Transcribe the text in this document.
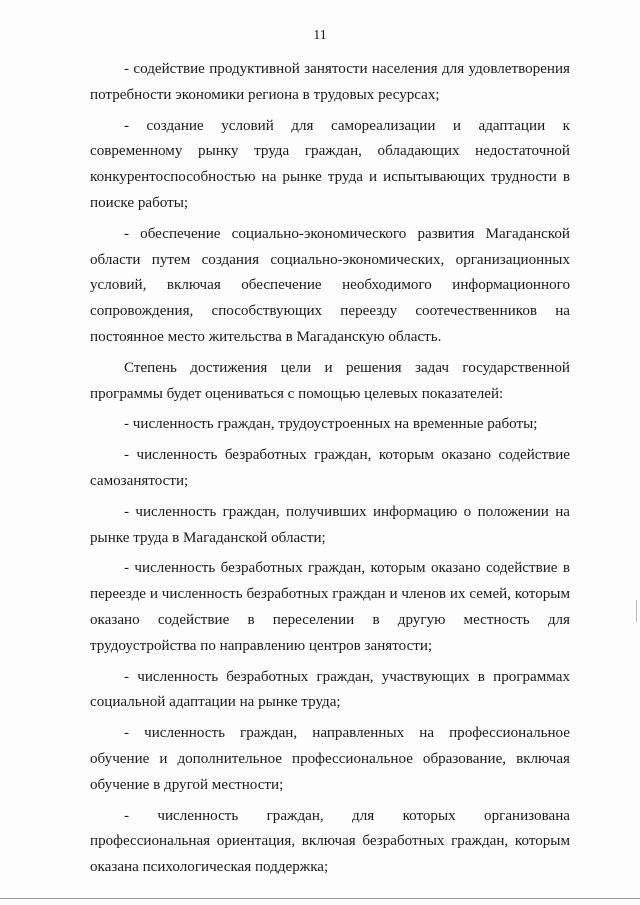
11

- содействие продуктивной занятости населения для удовлетворения потребности экономики региона в трудовых ресурсах;

- создание условий для самореализации и адаптации к современному рынку труда граждан, обладающих недостаточной конкурентоспособностью на рынке труда и испытывающих трудности в поиске работы;

- обеспечение социально-экономического развития Магаданской области путем создания социально-экономических, организационных условий, включая обеспечение необходимого информационного сопровождения, способствующих переезду соотечественников на постоянное место жительства в Магаданскую область.

Степень достижения цели и решения задач государственной программы будет оцениваться с помощью целевых показателей:

- численность граждан, трудоустроенных на временные работы;

- численность безработных граждан, которым оказано содействие самозанятости;

- численность граждан, получивших информацию о положении на рынке труда в Магаданской области;

- численность безработных граждан, которым оказано содействие в переезде и численность безработных граждан и членов их семей, которым оказано содействие в переселении в другую местность для трудоустройства по направлению центров занятости;

- численность безработных граждан, участвующих в программах социальной адаптации на рынке труда;

- численность граждан, направленных на профессиональное обучение и дополнительное профессиональное образование, включая обучение в другой местности;

- численность граждан, для которых организована профессиональная ориентация, включая безработных граждан, которым оказана психологическая поддержка;
